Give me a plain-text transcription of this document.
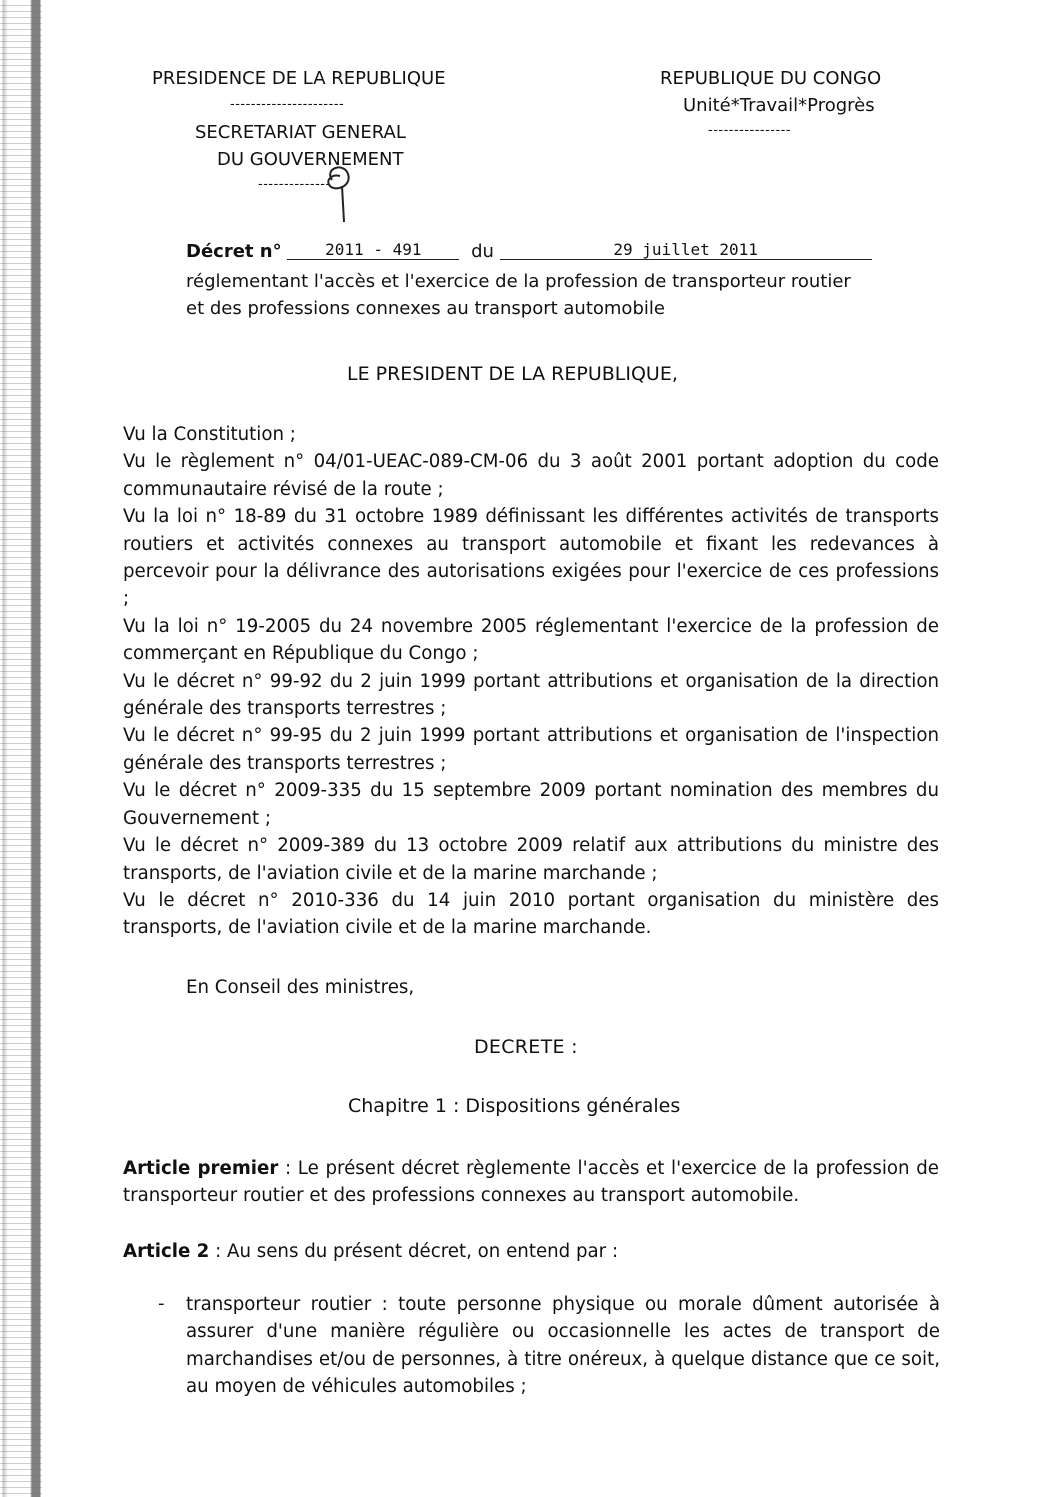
PRESIDENCE DE LA REPUBLIQUE
----------------------
SECRETARIAT GENERAL
DU GOUVERNEMENT
--------------
REPUBLIQUE DU CONGO
Unité*Travail*Progrès
----------------
Décret n°	2011 - 491	du	29 juillet 2011
réglementant l'accès et l'exercice de la profession de transporteur routier
et des professions connexes au transport automobile
LE PRESIDENT DE LA REPUBLIQUE,

Vu la Constitution ;

Vu le règlement n° 04/01-UEAC-089-CM-06 du 3 août 2001 portant adoption du code communautaire révisé de la route ;

Vu la loi n° 18-89 du 31 octobre 1989 définissant les différentes activités de transports routiers et activités connexes au transport automobile et fixant les redevances à percevoir pour la délivrance des autorisations exigées pour l'exercice de ces professions ;

Vu la loi n° 19-2005 du 24 novembre 2005 réglementant l'exercice de la profession de commerçant en République du Congo ;

Vu le décret n° 99-92 du 2 juin 1999 portant attributions et organisation de la direction générale des transports terrestres ;

Vu le décret n° 99-95 du 2 juin 1999 portant attributions et organisation de l'inspection générale des transports terrestres ;

Vu le décret n° 2009-335 du 15 septembre 2009 portant nomination des membres du Gouvernement ;

Vu le décret n° 2009-389 du 13 octobre 2009 relatif aux attributions du ministre des transports, de l'aviation civile et de la marine marchande ;

Vu le décret n° 2010-336 du 14 juin 2010 portant organisation du ministère des transports, de l'aviation civile et de la marine marchande.

En Conseil des ministres,
DECRETE :
Chapitre 1 : Dispositions générales

Article premier : Le présent décret règlemente l'accès et l'exercice de la profession de transporteur routier et des professions connexes au transport automobile.

Article 2 : Au sens du présent décret, on entend par :

- transporteur routier : toute personne physique ou morale dûment autorisée à assurer d'une manière régulière ou occasionnelle les actes de transport de marchandises et/ou de personnes, à titre onéreux, à quelque distance que ce soit, au moyen de véhicules automobiles ;
